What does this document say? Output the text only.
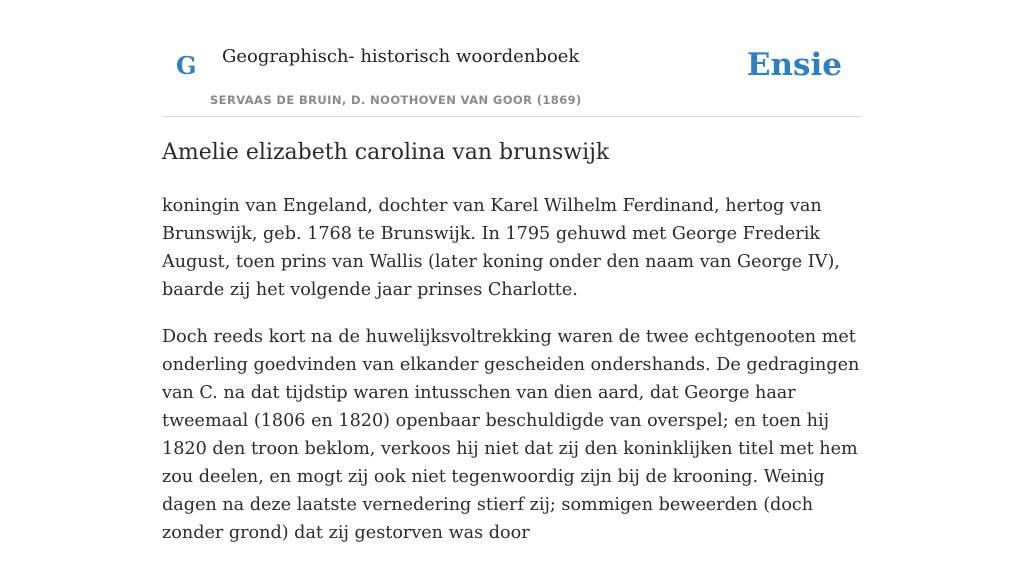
G Geographisch- historisch woordenboek
SERVAAS DE BRUIN, D. NOOTHOVEN VAN GOOR (1869)
Ensie
Amelie elizabeth carolina van brunswijk

koningin van Engeland, dochter van Karel Wilhelm Ferdinand, hertog van Brunswijk, geb. 1768 te Brunswijk. In 1795 gehuwd met George Frederik August, toen prins van Wallis (later koning onder den naam van George IV), baarde zij het volgende jaar prinses Charlotte.

Doch reeds kort na de huwelijksvoltrekking waren de twee echtgenooten met onderling goedvinden van elkander gescheiden ondershands. De gedragingen van C. na dat tijdstip waren intusschen van dien aard, dat George haar tweemaal (1806 en 1820) openbaar beschuldigde van overspel; en toen hij 1820 den troon beklom, verkoos hij niet dat zij den koninklijken titel met hem zou deelen, en mogt zij ook niet tegenwoordig zijn bij de krooning. Weinig dagen na deze laatste vernedering stierf zij; sommigen beweerden (doch zonder grond) dat zij gestorven was door
